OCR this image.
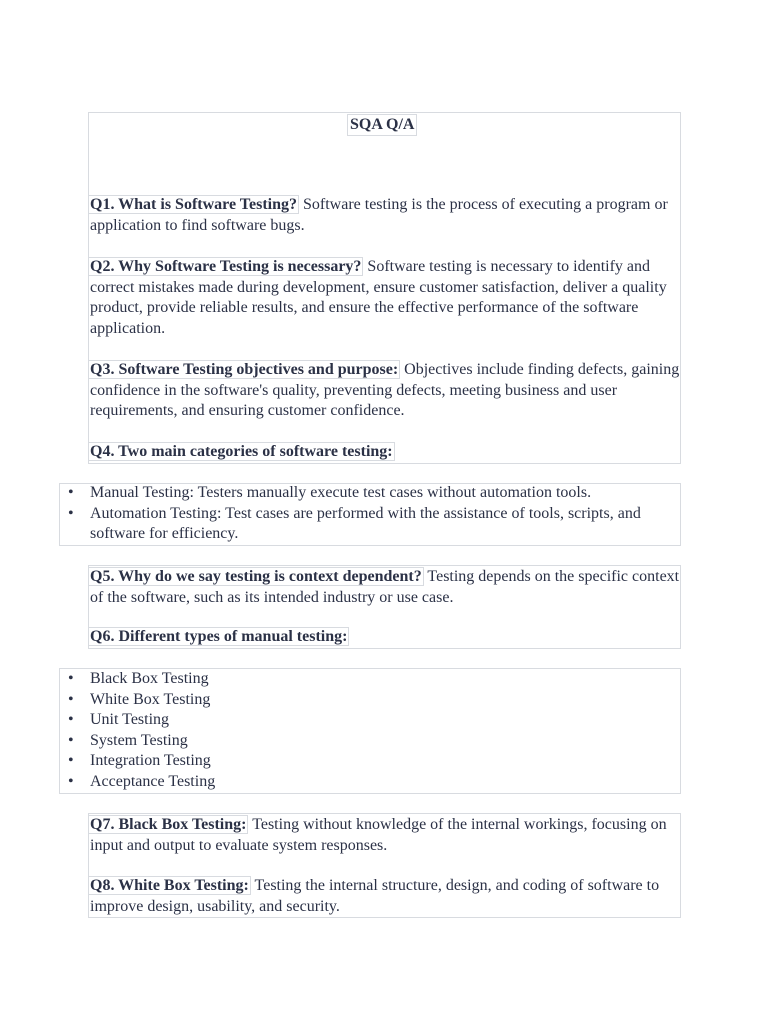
SQA Q/A

Q1. What is Software Testing? Software testing is the process of executing a program or application to find software bugs.

Q2. Why Software Testing is necessary? Software testing is necessary to identify and correct mistakes made during development, ensure customer satisfaction, deliver a quality product, provide reliable results, and ensure the effective performance of the software application.

Q3. Software Testing objectives and purpose: Objectives include finding defects, gaining confidence in the software's quality, preventing defects, meeting business and user requirements, and ensuring customer confidence.

Q4. Two main categories of software testing:

• Manual Testing: Testers manually execute test cases without automation tools.
• Automation Testing: Test cases are performed with the assistance of tools, scripts, and software for efficiency.

Q5. Why do we say testing is context dependent? Testing depends on the specific context of the software, such as its intended industry or use case.

Q6. Different types of manual testing:

• Black Box Testing
• White Box Testing
• Unit Testing
• System Testing
• Integration Testing
• Acceptance Testing

Q7. Black Box Testing: Testing without knowledge of the internal workings, focusing on input and output to evaluate system responses.

Q8. White Box Testing: Testing the internal structure, design, and coding of software to improve design, usability, and security.
